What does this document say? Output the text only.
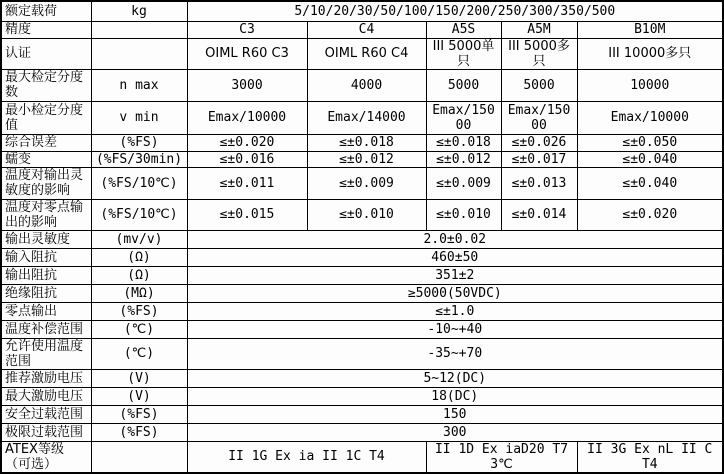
额定载荷	kg	5/10/20/30/50/100/150/200/250/300/350/500				
精度		C3	C4	A5S	A5M	B10M
认证		OIML R60 C3	OIML R60 C4	III 5000单只	III 5000多只	III 10000多只
最大检定分度数	n max	3000	4000	5000	5000	10000
最小检定分度值	v min	Emax/10000	Emax/14000	Emax/15000	Emax/15000	Emax/10000
综合误差	(%FS)	≤±0.020	≤±0.018	≤±0.018	≤±0.026	≤±0.050
蠕变	(%FS/30min)	≤±0.016	≤±0.012	≤±0.012	≤±0.017	≤±0.040
温度对输出灵敏度的影响	(%FS/10℃)	≤±0.011	≤±0.009	≤±0.009	≤±0.013	≤±0.040
温度对零点输出的影响	(%FS/10℃)	≤±0.015	≤±0.010	≤±0.010	≤±0.014	≤±0.020
输出灵敏度	(mv/v)	2.0±0.02				
输入阻抗	(Ω)	460±50				
输出阻抗	(Ω)	351±2				
绝缘阻抗	(MΩ)	≥5000(50VDC)				
零点输出	(%FS)	≤±1.0				
温度补偿范围	(℃)	-10~+40				
允许使用温度范围	(℃)	-35~+70				
推荐激励电压	(V)	5~12(DC)				
最大激励电压	(V)	18(DC)				
安全过载范围	(%FS)	150				
极限过载范围	(%FS)	300				
ATEX等级（可选）		II 1G Ex ia II 1C T4		II 1D Ex iaD20 T73℃		II 3G Ex nL II C T4
